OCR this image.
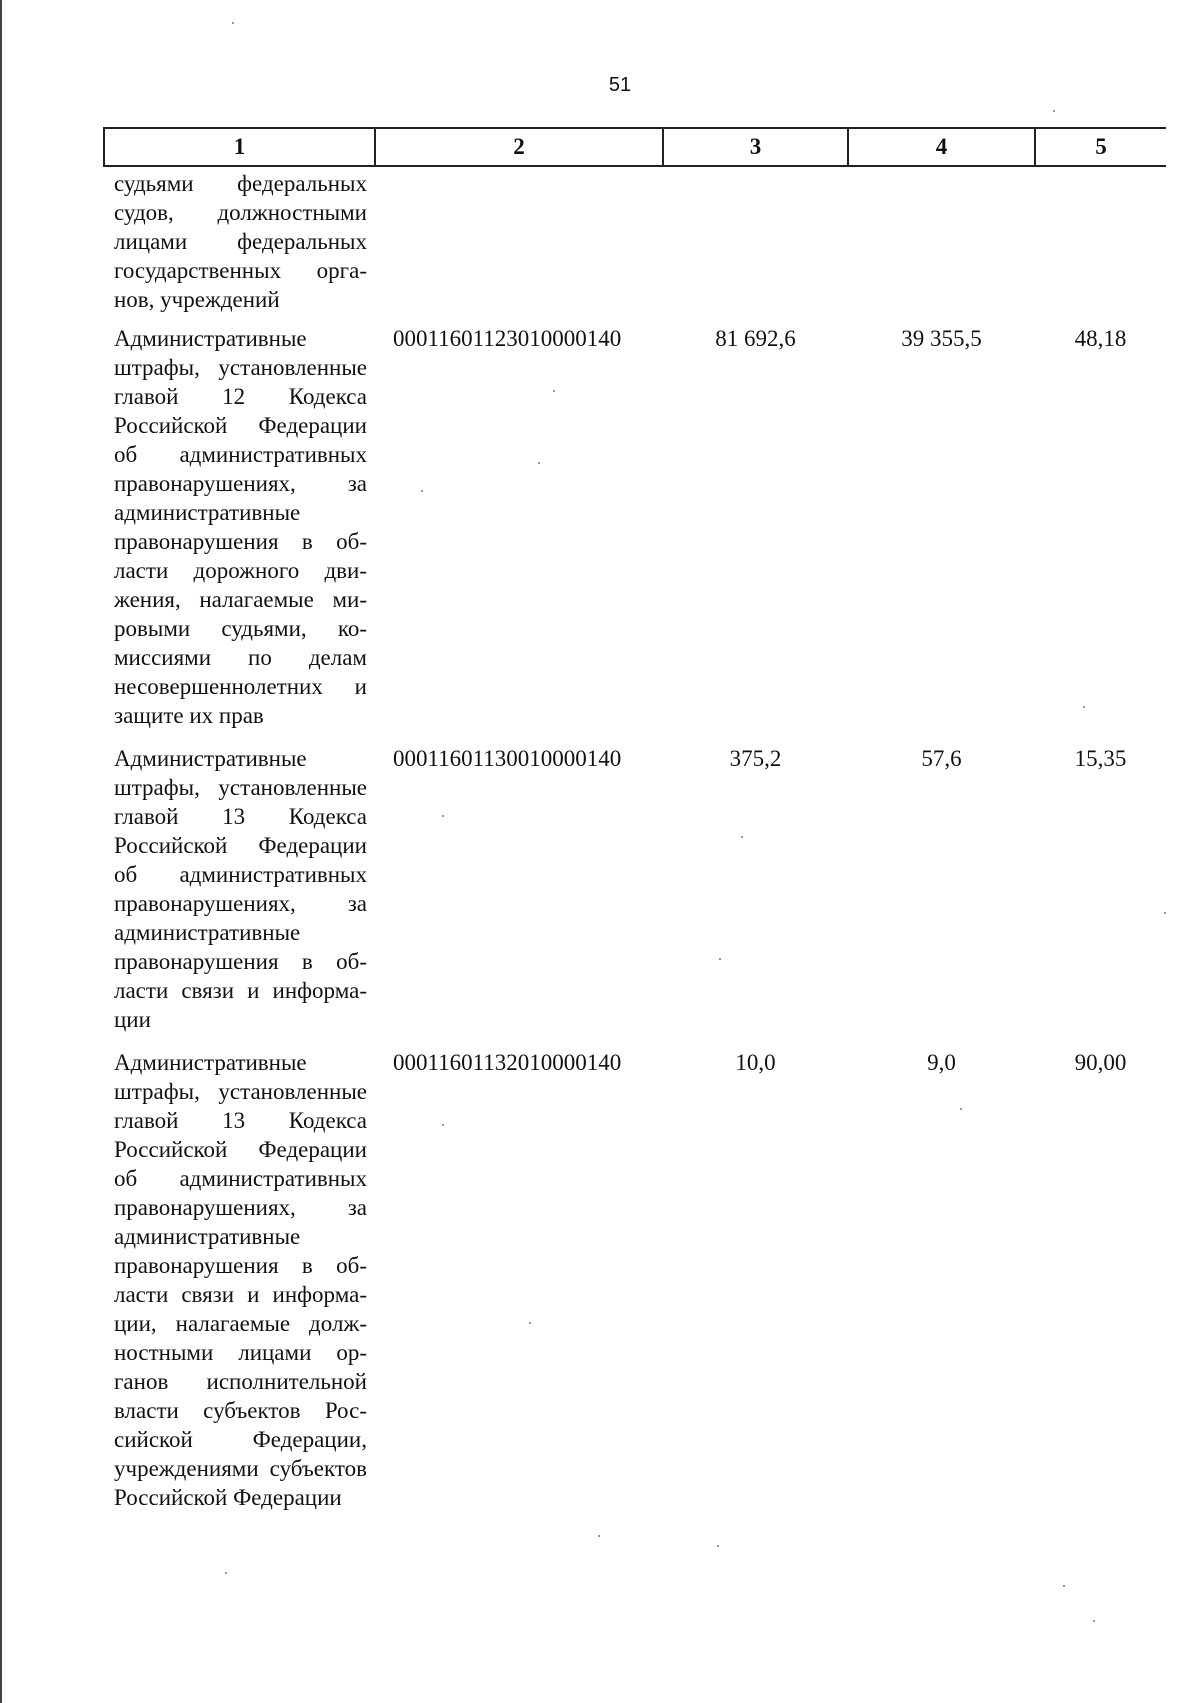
51
1	2	3	4	5
судьями федеральных судов, должностными лицами федеральных государственных органов, учреждений				
Административные штрафы, установленные главой 12 Кодекса Российской Федерации об административных правонарушениях, за административные правонарушения в области дорожного движения, налагаемые мировыми судьями, комиссиями по делам несовершеннолетних и защите их прав	00011601123010000140	81 692,6	39 355,5	48,18
Административные штрафы, установленные главой 13 Кодекса Российской Федерации об административных правонарушениях, за административные правонарушения в области связи и информации	00011601130010000140	375,2	57,6	15,35
Административные штрафы, установленные главой 13 Кодекса Российской Федерации об административных правонарушениях, за административные правонарушения в области связи и информации, налагаемые должностными лицами органов исполнительной власти субъектов Российской Федерации, учреждениями субъектов Российской Федерации	00011601132010000140	10,0	9,0	90,00
